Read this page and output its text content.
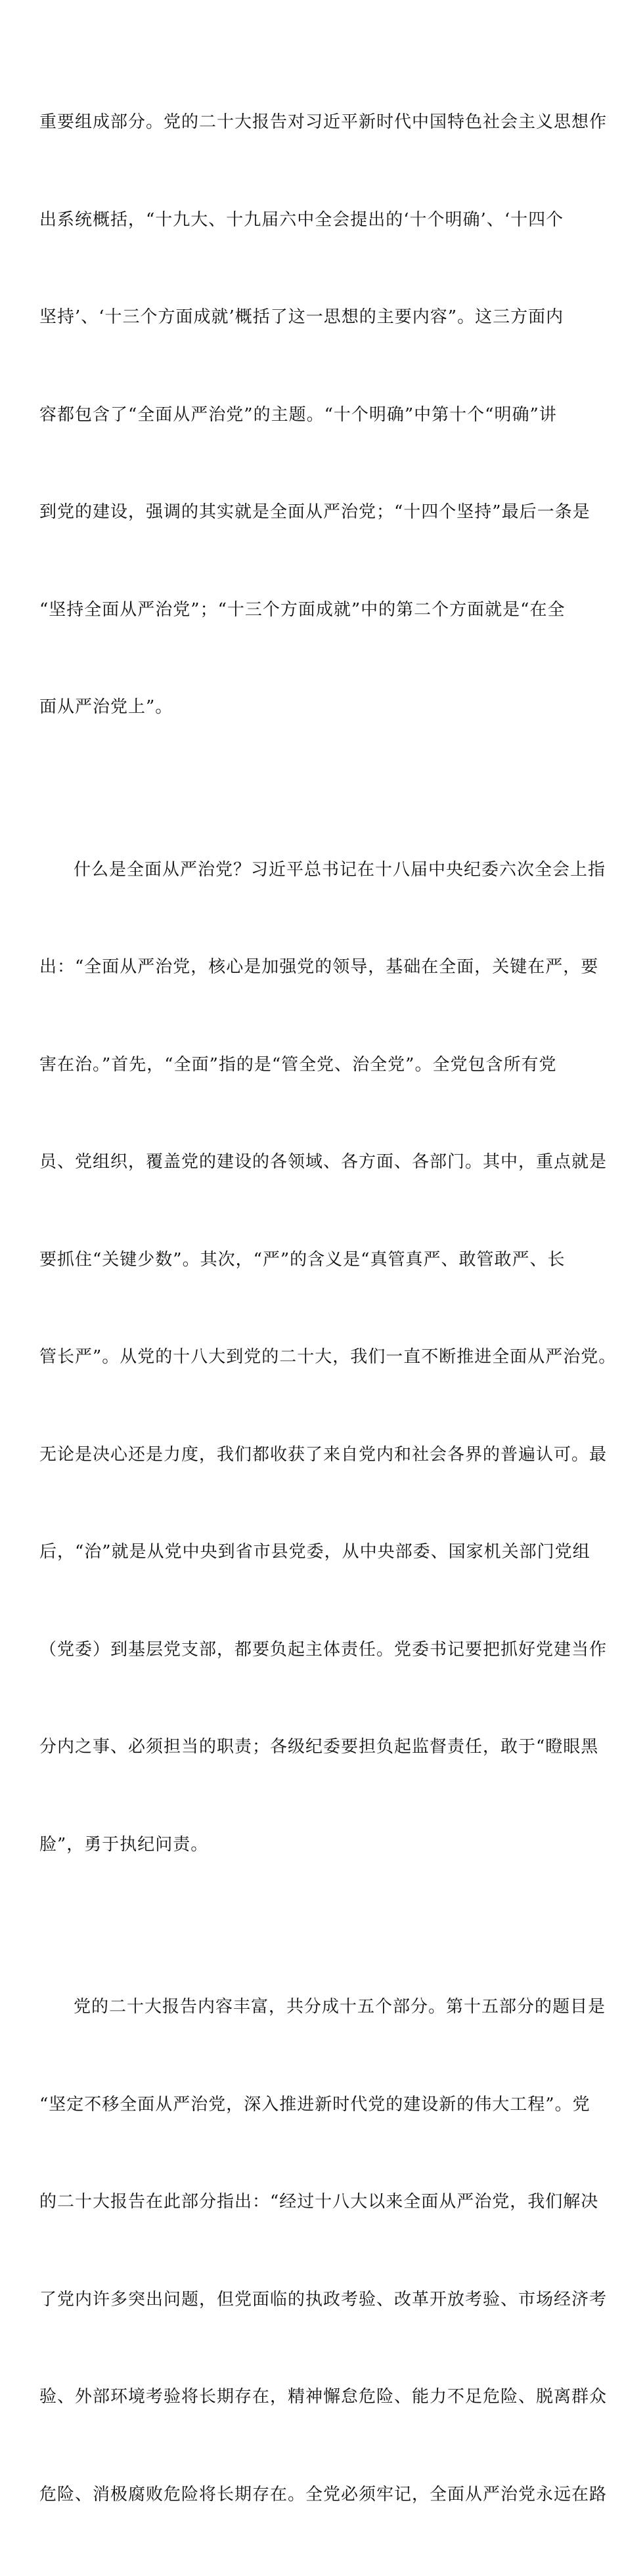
重要组成部分。党的二十大报告对习近平新时代中国特色社会主义思想作

出系统概括，“十九大、十九届六中全会提出的‘十个明确’、‘十四个

坚持’、‘十三个方面成就’概括了这一思想的主要内容”。这三方面内

容都包含了“全面从严治党”的主题。“十个明确”中第十个“明确”讲

到党的建设，强调的其实就是全面从严治党；“十四个坚持”最后一条是

“坚持全面从严治党”；“十三个方面成就”中的第二个方面就是“在全

面从严治党上”。

什么是全面从严治党？习近平总书记在十八届中央纪委六次全会上指

出：“全面从严治党，核心是加强党的领导，基础在全面，关键在严，要

害在治。”首先，“全面”指的是“管全党、治全党”。全党包含所有党

员、党组织，覆盖党的建设的各领域、各方面、各部门。其中，重点就是

要抓住“关键少数”。其次，“严”的含义是“真管真严、敢管敢严、长

管长严”。从党的十八大到党的二十大，我们一直不断推进全面从严治党。

无论是决心还是力度，我们都收获了来自党内和社会各界的普遍认可。最

后，“治”就是从党中央到省市县党委，从中央部委、国家机关部门党组

（党委）到基层党支部，都要负起主体责任。党委书记要把抓好党建当作

分内之事、必须担当的职责；各级纪委要担负起监督责任，敢于“瞪眼黑

脸”，勇于执纪问责。

党的二十大报告内容丰富，共分成十五个部分。第十五部分的题目是

“坚定不移全面从严治党，深入推进新时代党的建设新的伟大工程”。党

的二十大报告在此部分指出：“经过十八大以来全面从严治党，我们解决

了党内许多突出问题，但党面临的执政考验、改革开放考验、市场经济考

验、外部环境考验将长期存在，精神懈怠危险、能力不足危险、脱离群众

危险、消极腐败危险将长期存在。全党必须牢记，全面从严治党永远在路
